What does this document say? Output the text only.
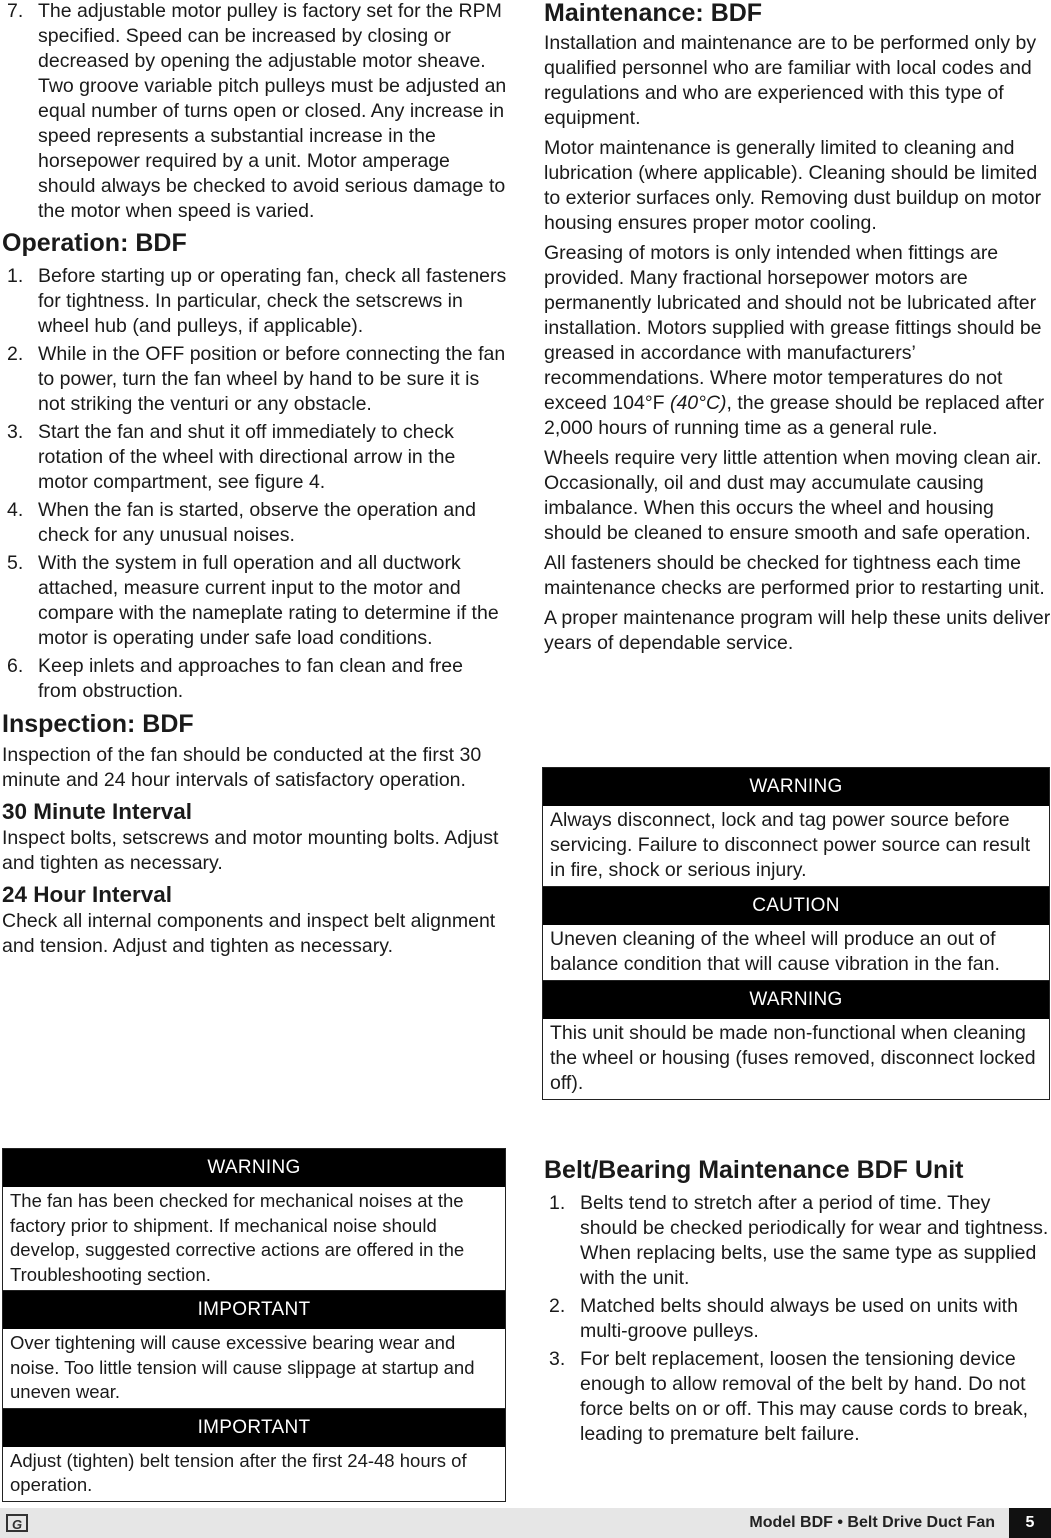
7. The adjustable motor pulley is factory set for the RPM specified. Speed can be increased by closing or decreased by opening the adjustable motor sheave. Two groove variable pitch pulleys must be adjusted an equal number of turns open or closed. Any increase in speed represents a substantial increase in the horsepower required by a unit. Motor amperage should always be checked to avoid serious damage to the motor when speed is varied.
Operation: BDF
1. Before starting up or operating fan, check all fasteners for tightness. In particular, check the setscrews in wheel hub (and pulleys, if applicable).
2. While in the OFF position or before connecting the fan to power, turn the fan wheel by hand to be sure it is not striking the venturi or any obstacle.
3. Start the fan and shut it off immediately to check rotation of the wheel with directional arrow in the motor compartment, see figure 4.
4. When the fan is started, observe the operation and check for any unusual noises.
5. With the system in full operation and all ductwork attached, measure current input to the motor and compare with the nameplate rating to determine if the motor is operating under safe load conditions.
6. Keep inlets and approaches to fan clean and free from obstruction.
Inspection: BDF

Inspection of the fan should be conducted at the first 30 minute and 24 hour intervals of satisfactory operation.

30 Minute Interval

Inspect bolts, setscrews and motor mounting bolts. Adjust and tighten as necessary.

24 Hour Interval

Check all internal components and inspect belt alignment and tension. Adjust and tighten as necessary.

WARNING
The fan has been checked for mechanical noises at the factory prior to shipment. If mechanical noise should develop, suggested corrective actions are offered in the Troubleshooting section.
IMPORTANT
Over tightening will cause excessive bearing wear and noise. Too little tension will cause slippage at startup and uneven wear.
IMPORTANT
Adjust (tighten) belt tension after the first 24-48 hours of operation.
Maintenance: BDF

Installation and maintenance are to be performed only by qualified personnel who are familiar with local codes and regulations and who are experienced with this type of equipment.

Motor maintenance is generally limited to cleaning and lubrication (where applicable). Cleaning should be limited to exterior surfaces only. Removing dust buildup on motor housing ensures proper motor cooling.

Greasing of motors is only intended when fittings are provided. Many fractional horsepower motors are permanently lubricated and should not be lubricated after installation. Motors supplied with grease fittings should be greased in accordance with manufacturers’ recommendations. Where motor temperatures do not exceed 104°F (40°C), the grease should be replaced after 2,000 hours of running time as a general rule.

Wheels require very little attention when moving clean air. Occasionally, oil and dust may accumulate causing imbalance. When this occurs the wheel and housing should be cleaned to ensure smooth and safe operation.

All fasteners should be checked for tightness each time maintenance checks are performed prior to restarting unit.

A proper maintenance program will help these units deliver years of dependable service.

WARNING
Always disconnect, lock and tag power source before servicing. Failure to disconnect power source can result in fire, shock or serious injury.
CAUTION
Uneven cleaning of the wheel will produce an out of balance condition that will cause vibration in the fan.
WARNING
This unit should be made non-functional when cleaning the wheel or housing (fuses removed, disconnect locked off).
Belt/Bearing Maintenance BDF Unit
1. Belts tend to stretch after a period of time. They should be checked periodically for wear and tightness. When replacing belts, use the same type as supplied with the unit.
2. Matched belts should always be used on units with multi-groove pulleys.
3. For belt replacement, loosen the tensioning device enough to allow removal of the belt by hand. Do not force belts on or off. This may cause cords to break, leading to premature belt failure.
G	Model BDF • Belt Drive Duct Fan	5
